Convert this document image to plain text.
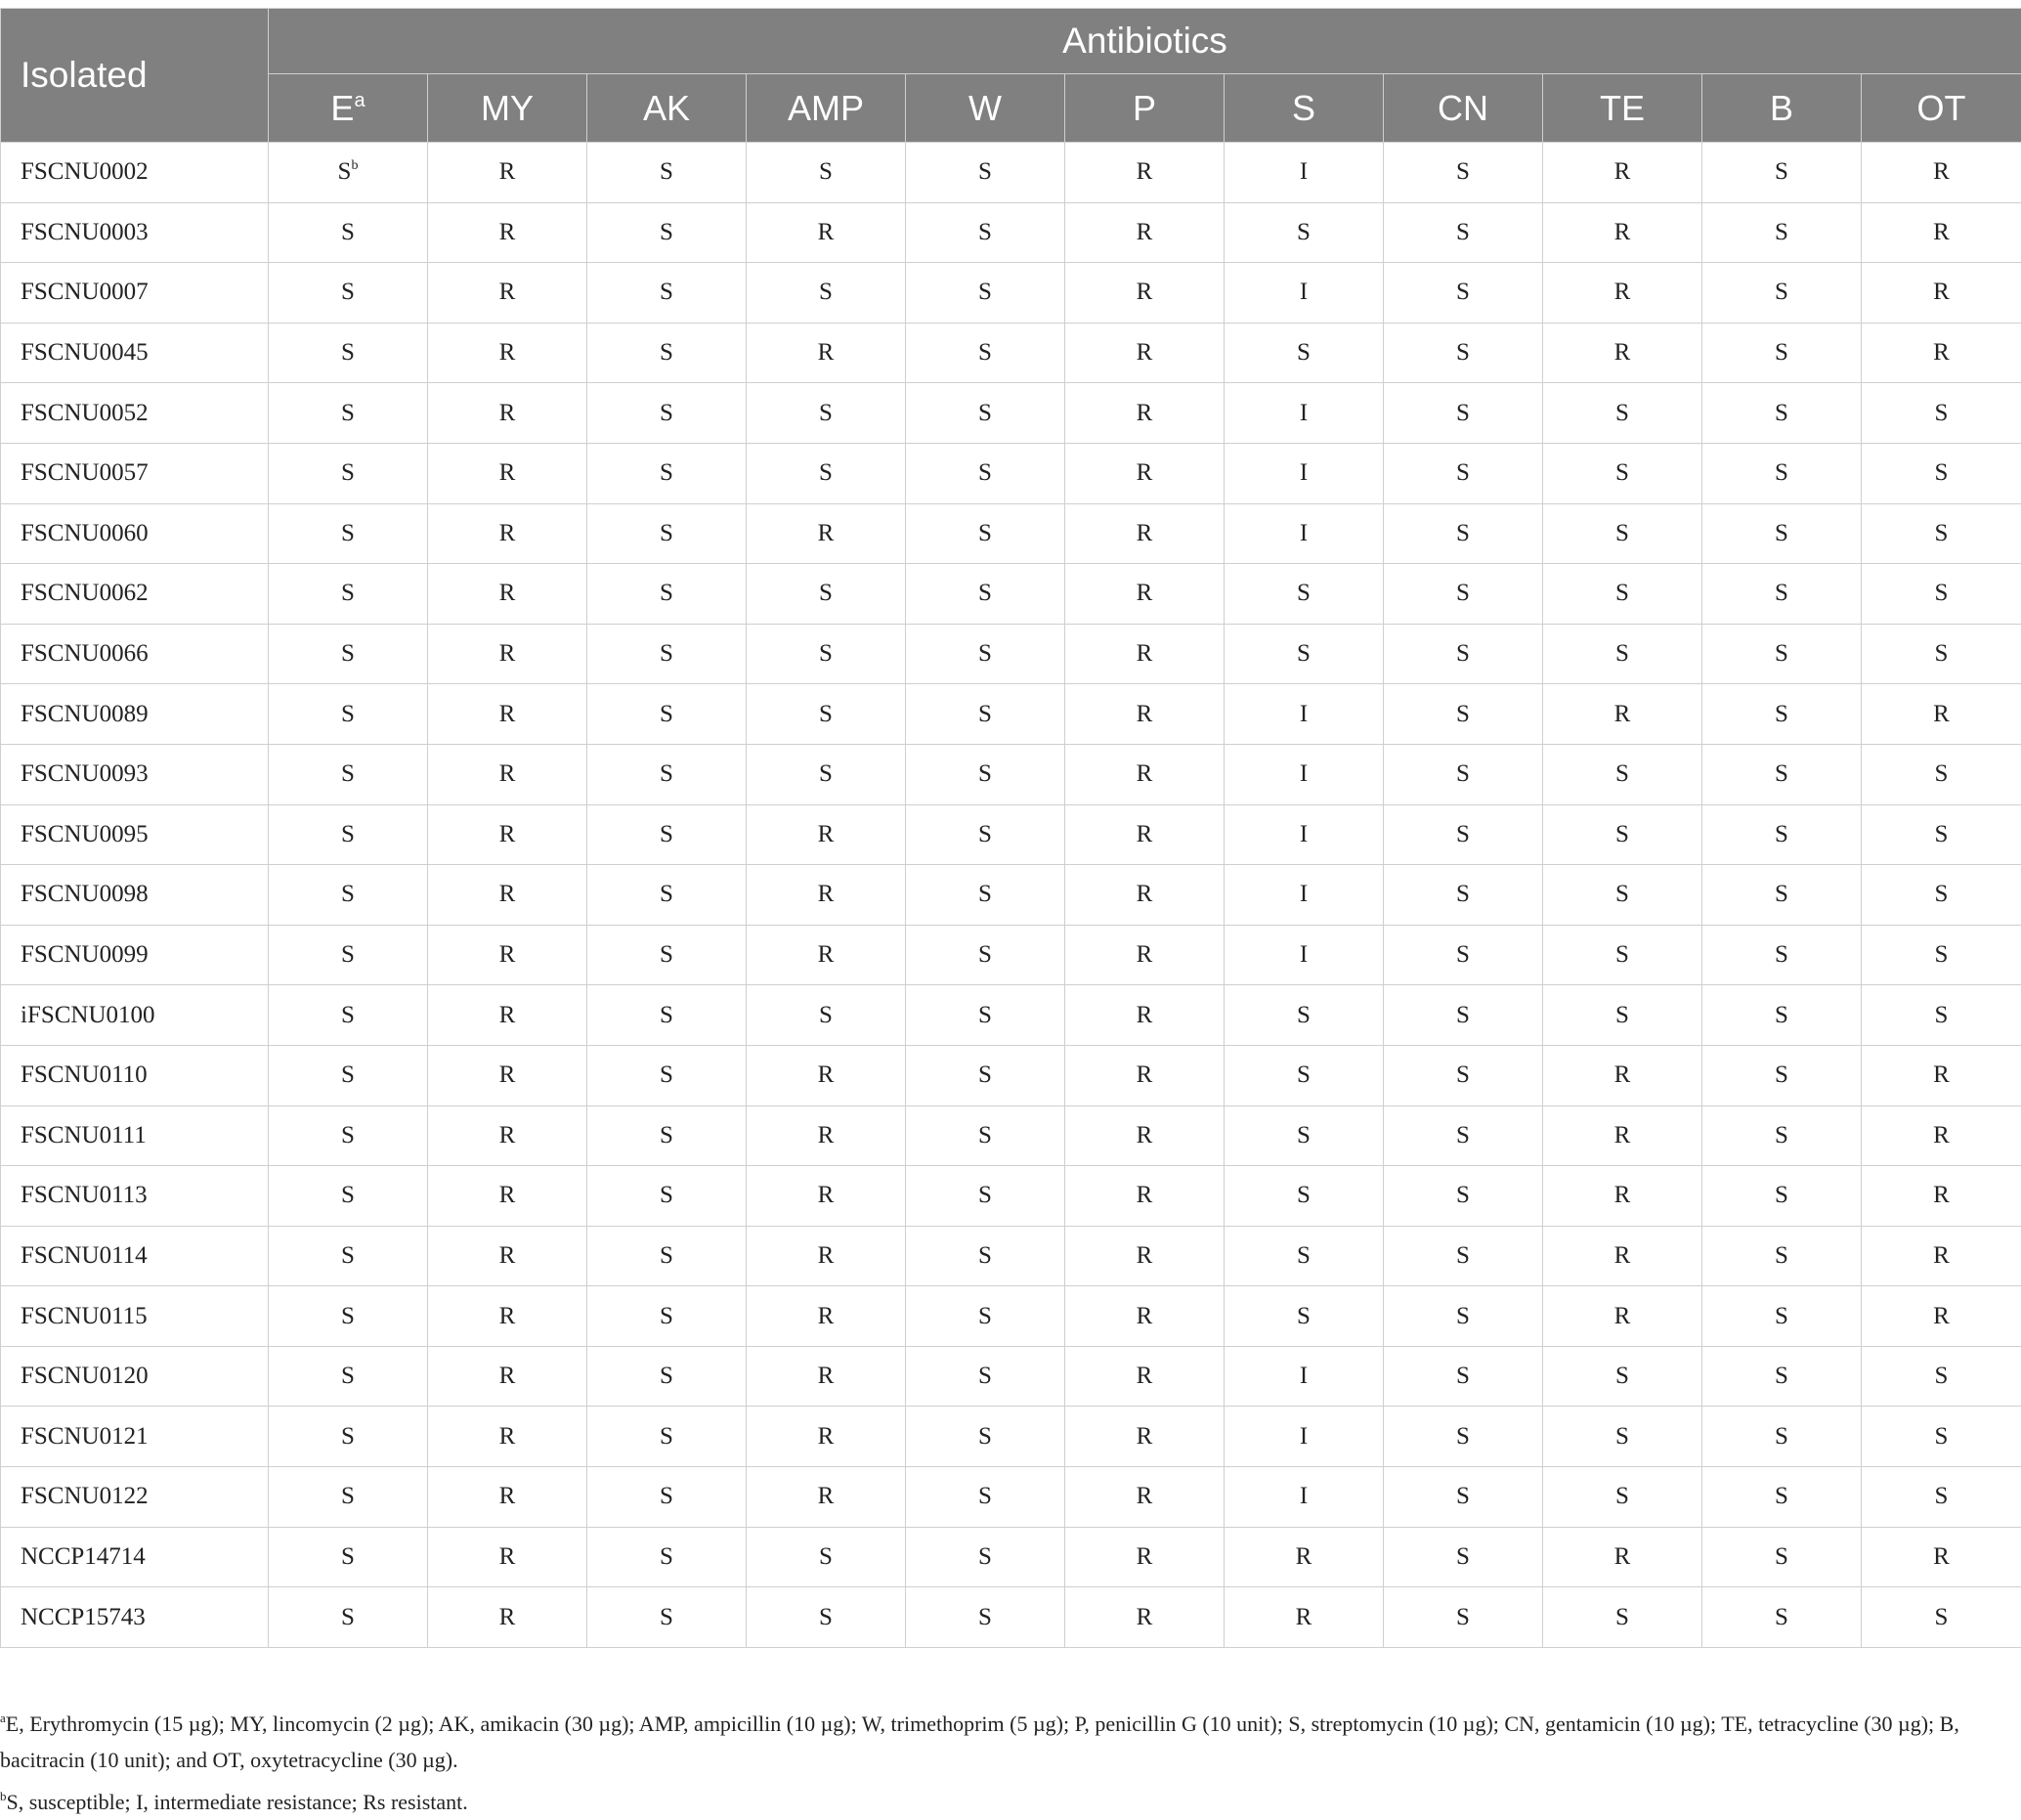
Isolated	Antibiotics										
	$E^a$	MY	AK	AMP	W	P	S	CN	TE	B	OT
FSCNU0002	$S^b$	R	S	S	S	R	I	S	R	S	R
FSCNU0003	S	R	S	R	S	R	S	S	R	S	R
FSCNU0007	S	R	S	S	S	R	I	S	R	S	R
FSCNU0045	S	R	S	R	S	R	S	S	R	S	R
FSCNU0052	S	R	S	S	S	R	I	S	S	S	S
FSCNU0057	S	R	S	S	S	R	I	S	S	S	S
FSCNU0060	S	R	S	R	S	R	I	S	S	S	S
FSCNU0062	S	R	S	S	S	R	S	S	S	S	S
FSCNU0066	S	R	S	S	S	R	S	S	S	S	S
FSCNU0089	S	R	S	S	S	R	I	S	R	S	R
FSCNU0093	S	R	S	S	S	R	I	S	S	S	S
FSCNU0095	S	R	S	R	S	R	I	S	S	S	S
FSCNU0098	S	R	S	R	S	R	I	S	S	S	S
FSCNU0099	S	R	S	R	S	R	I	S	S	S	S
iFSCNU0100	S	R	S	S	S	R	S	S	S	S	S
FSCNU0110	S	R	S	R	S	R	S	S	R	S	R
FSCNU0111	S	R	S	R	S	R	S	S	R	S	R
FSCNU0113	S	R	S	R	S	R	S	S	R	S	R
FSCNU0114	S	R	S	R	S	R	S	S	R	S	R
FSCNU0115	S	R	S	R	S	R	S	S	R	S	R
FSCNU0120	S	R	S	R	S	R	I	S	S	S	S
FSCNU0121	S	R	S	R	S	R	I	S	S	S	S
FSCNU0122	S	R	S	R	S	R	I	S	S	S	S
NCCP14714	S	R	S	S	S	R	R	S	R	S	R
NCCP15743	S	R	S	S	S	R	R	S	S	S	S

$^a$E, Erythromycin (15 µg); MY, lincomycin (2 µg); AK, amikacin (30 µg); AMP, ampicillin (10 µg); W, trimethoprim (5 µg); P, penicillin G (10 unit); S, streptomycin (10 µg); CN, gentamicin (10 µg); TE, tetracycline (30 µg); B, bacitracin (10 unit); and OT, oxytetracycline (30 µg).

$^b$S, susceptible; I, intermediate resistance; Rs resistant.
